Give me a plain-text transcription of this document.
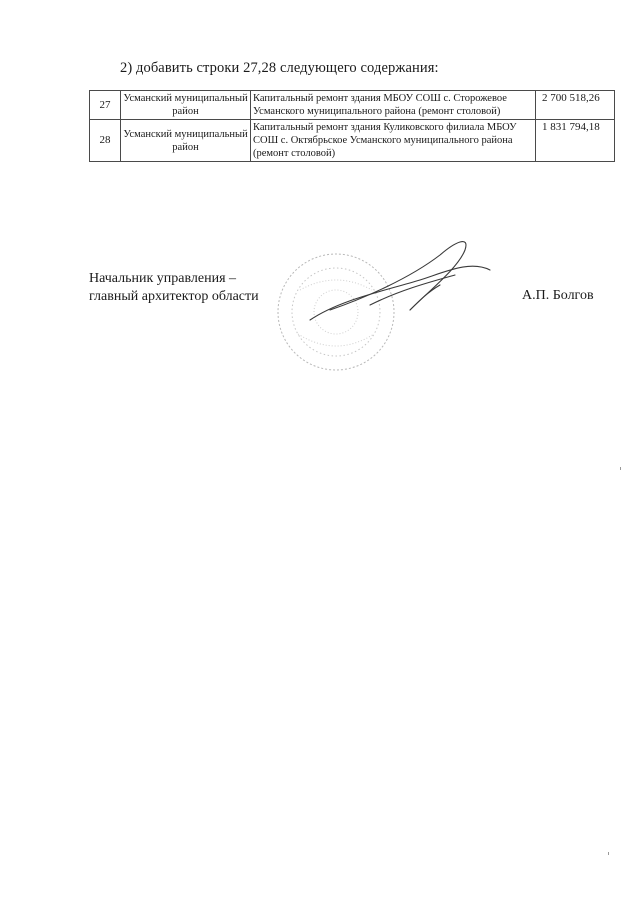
2) добавить строки 27,28 следующего содержания:
27	Усманский муниципальный район	Капитальный ремонт здания МБОУ СОШ с. Сторожевое Усманского муниципального района (ремонт столовой)	2 700 518,26
28	Усманский муниципальный район	Капитальный ремонт здания Куликовского филиала МБОУ СОШ с. Октябрьское Усманского муниципального района (ремонт столовой)	1 831 794,18
Начальник управления –
главный архитектор области	А.П. Болгов
